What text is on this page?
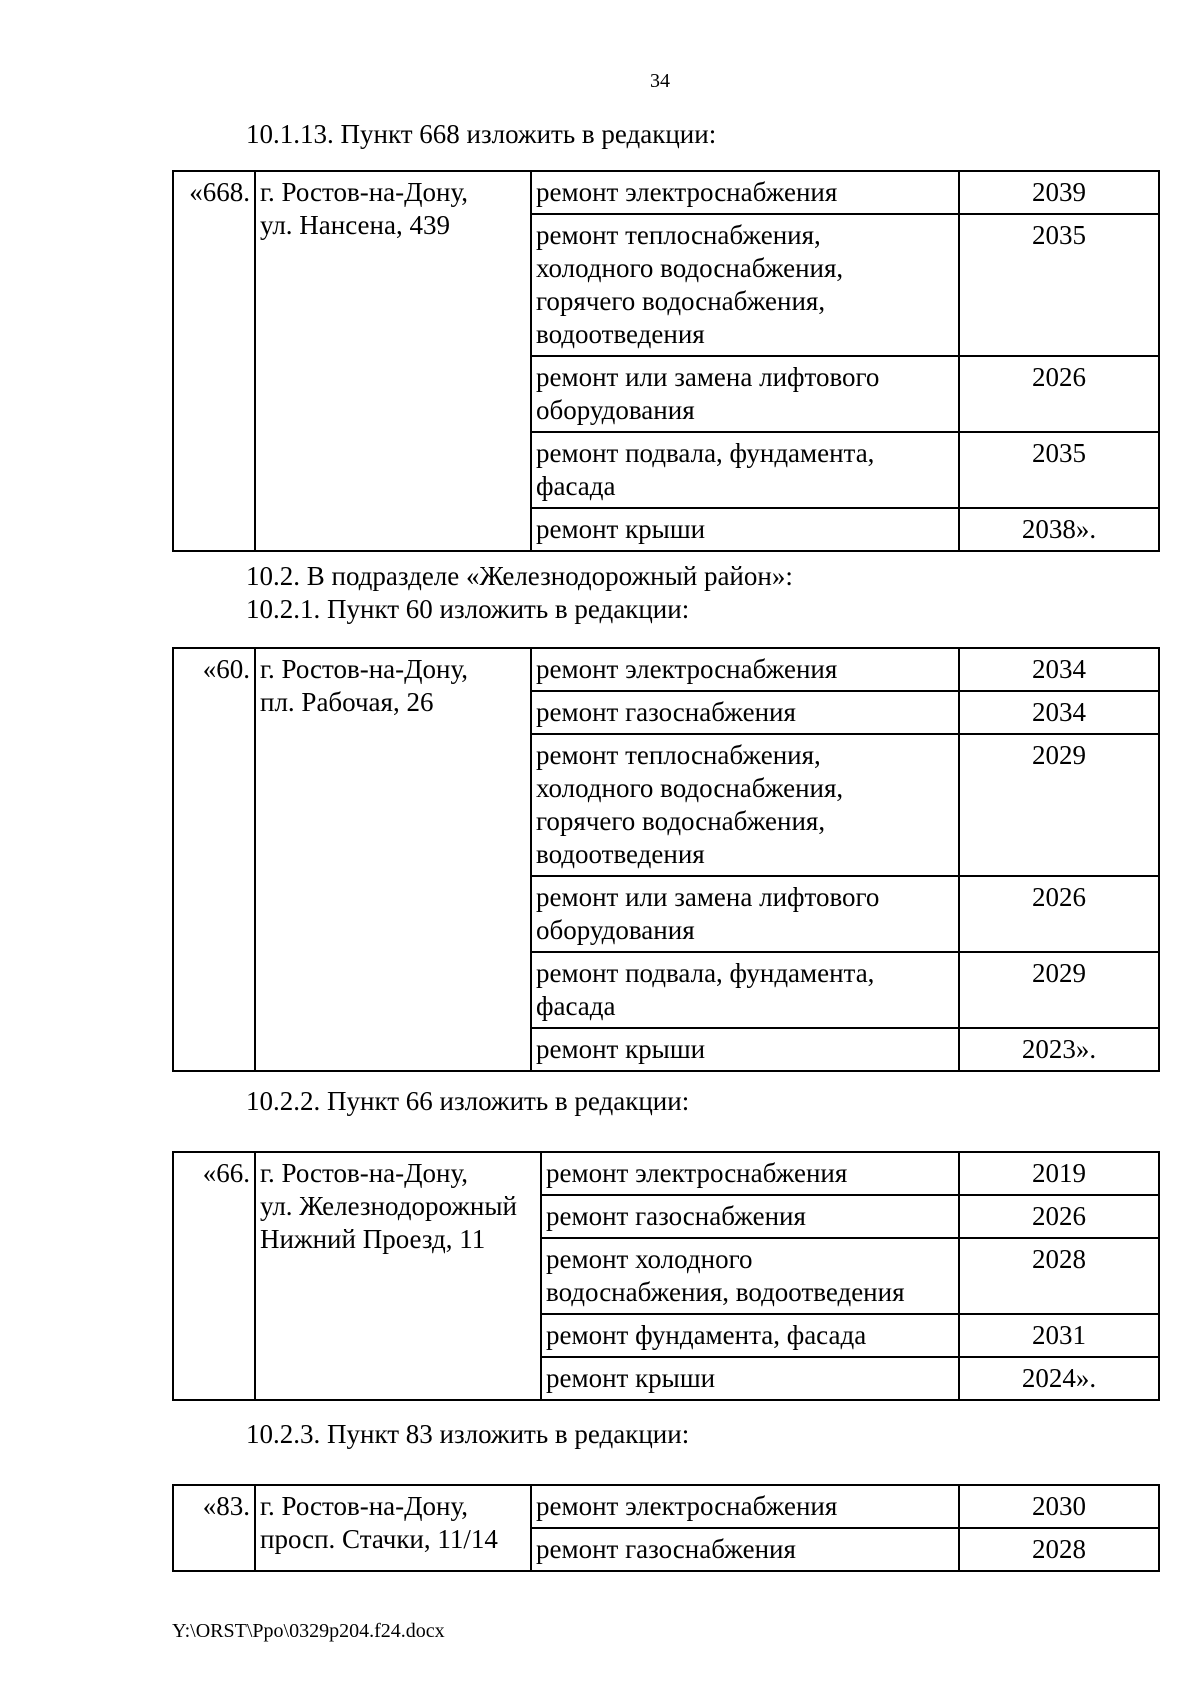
34
10.1.13. Пункт 668 изложить в редакции:
«668.	г. Ростов-на-Дону,
ул. Нансена, 439	ремонт электроснабжения	2039

		ремонт теплоснабжения,
холодного водоснабжения,
горячего водоснабжения,
водоотведения	2035

		ремонт или замена лифтового
оборудования	2026

		ремонт подвала, фундамента,
фасада	2035

		ремонт крыши	2038».
10.2. В подразделе «Железнодорожный район»:
10.2.1. Пункт 60 изложить в редакции:
«60.	г. Ростов-на-Дону,
пл. Рабочая, 26	ремонт электроснабжения	2034

		ремонт газоснабжения	2034

		ремонт теплоснабжения,
холодного водоснабжения,
горячего водоснабжения,
водоотведения	2029

		ремонт или замена лифтового
оборудования	2026

		ремонт подвала, фундамента,
фасада	2029

		ремонт крыши	2023».
10.2.2. Пункт 66 изложить в редакции:
«66.	г. Ростов-на-Дону,
ул. Железнодорожный
Нижний Проезд, 11	ремонт электроснабжения	2019

		ремонт газоснабжения	2026

		ремонт холодного
водоснабжения, водоотведения	2028

		ремонт фундамента, фасада	2031

		ремонт крыши	2024».
10.2.3. Пункт 83 изложить в редакции:
«83.	г. Ростов-на-Дону,
просп. Стачки, 11/14	ремонт электроснабжения	2030

		ремонт газоснабжения	2028
Y:\ORST\Ppo\0329p204.f24.docx
